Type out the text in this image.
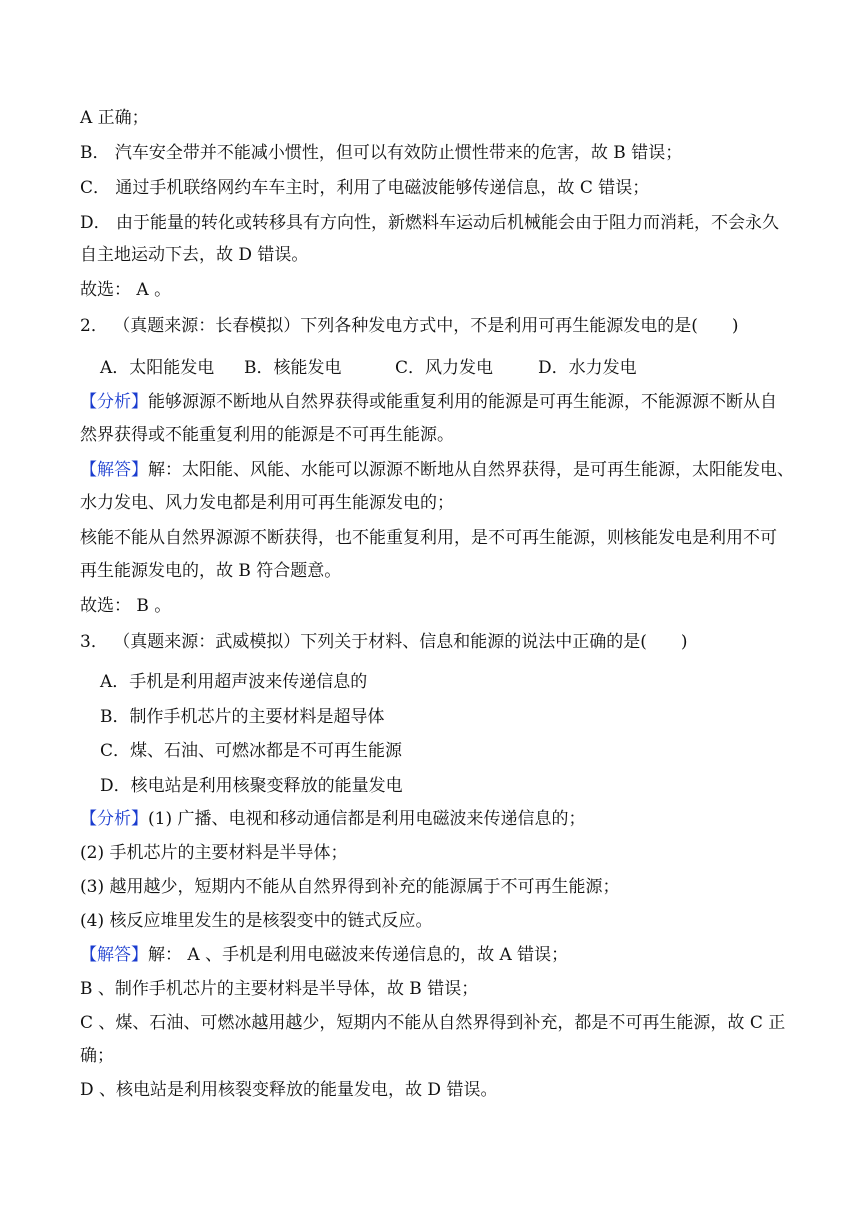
A 正确；
B． 汽车安全带并不能减小惯性，但可以有效防止惯性带来的危害，故 B 错误；
C． 通过手机联络网约车车主时，利用了电磁波能够传递信息，故 C 错误；
D． 由于能量的转化或转移具有方向性，新燃料车运动后机械能会由于阻力而消耗，不会永久
自主地运动下去，故 D 错误。
故选： A 。
2． （真题来源：长春模拟）下列各种发电方式中，不是利用可再生能源发电的是(　　)
A．太阳能发电 B．核能发电	C．风力发电	D．水力发电
【分析】能够源源不断地从自然界获得或能重复利用的能源是可再生能源，不能源源不断从自
然界获得或不能重复利用的能源是不可再生能源。
【解答】解：太阳能、风能、水能可以源源不断地从自然界获得，是可再生能源，太阳能发电、
水力发电、风力发电都是利用可再生能源发电的；
核能不能从自然界源源不断获得，也不能重复利用，是不可再生能源，则核能发电是利用不可
再生能源发电的，故 B 符合题意。
故选： B 。
3． （真题来源：武威模拟）下列关于材料、信息和能源的说法中正确的是(　　)
A．手机是利用超声波来传递信息的
B．制作手机芯片的主要材料是超导体
C．煤、石油、可燃冰都是不可再生能源
D．核电站是利用核聚变释放的能量发电
【分析】(1) 广播、电视和移动通信都是利用电磁波来传递信息的；
(2) 手机芯片的主要材料是半导体；
(3) 越用越少，短期内不能从自然界得到补充的能源属于不可再生能源；
(4) 核反应堆里发生的是核裂变中的链式反应。
【解答】解： A 、手机是利用电磁波来传递信息的，故 A 错误；
B 、制作手机芯片的主要材料是半导体，故 B 错误；
C 、煤、石油、可燃冰越用越少，短期内不能从自然界得到补充，都是不可再生能源，故 C 正
确；
D 、核电站是利用核裂变释放的能量发电，故 D 错误。
